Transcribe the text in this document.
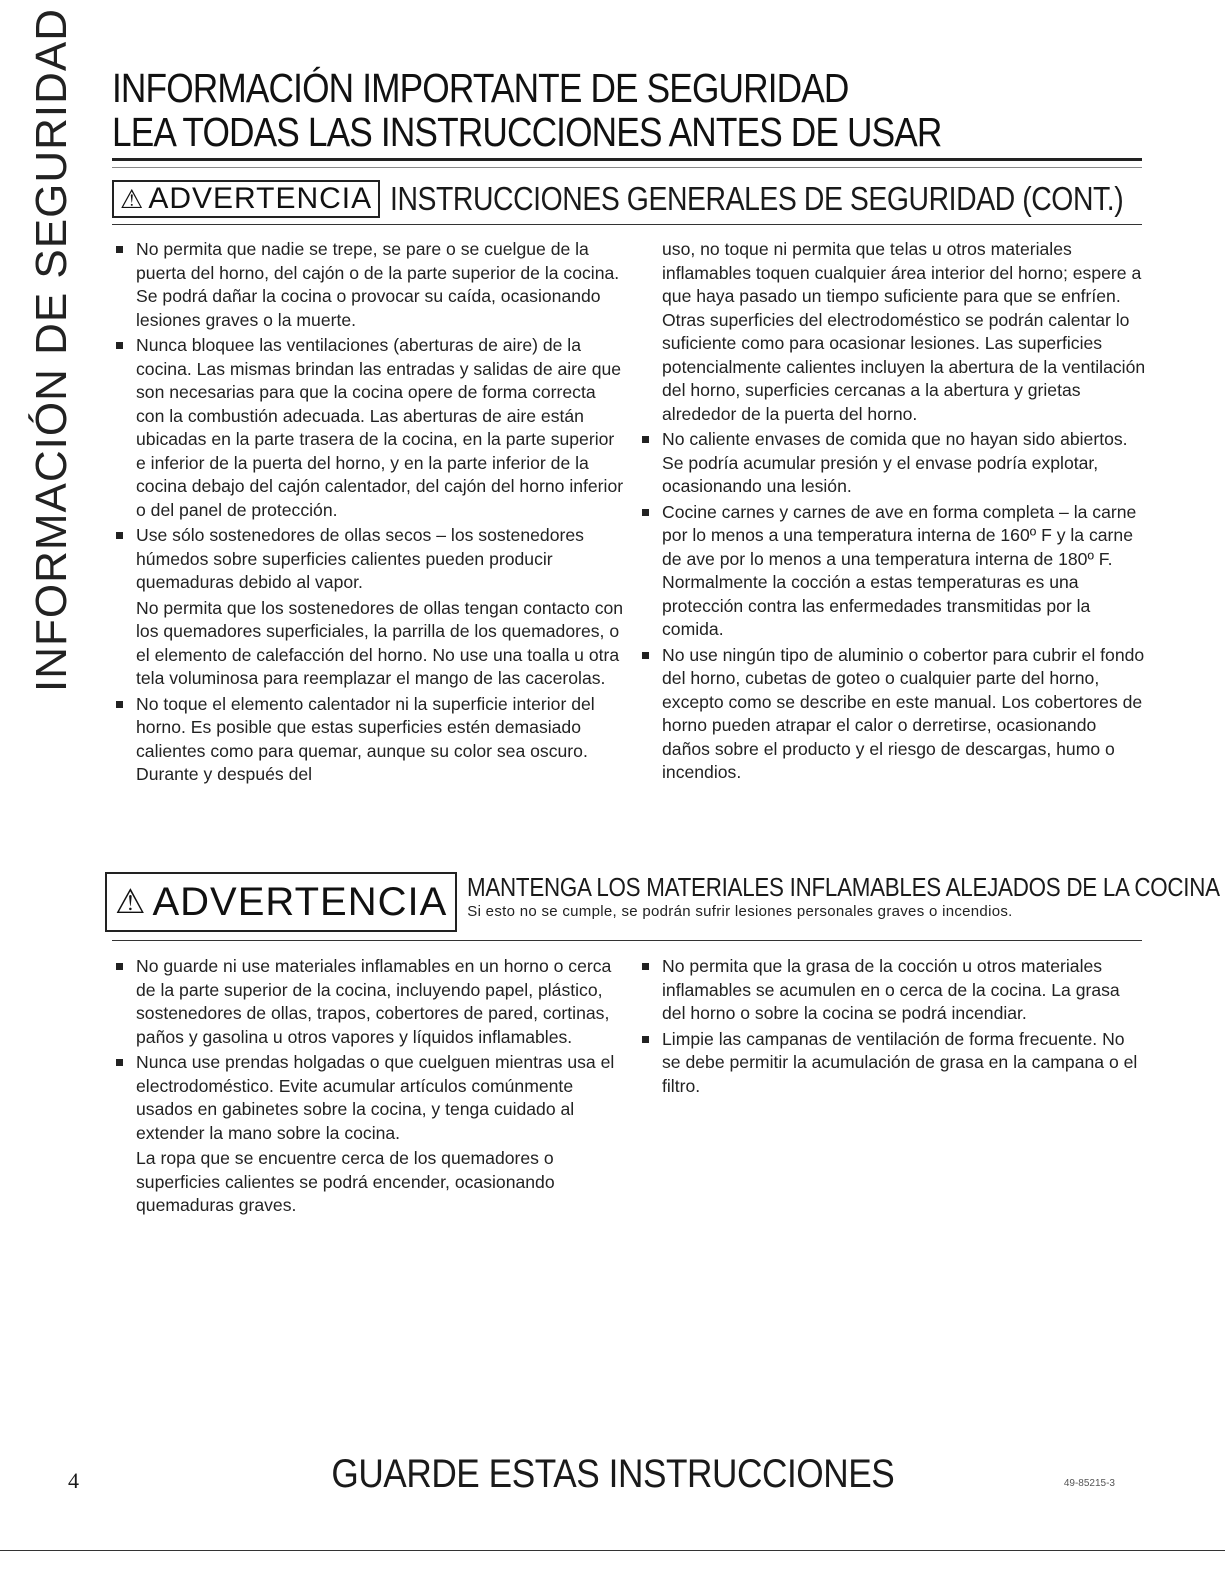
INFORMACIÓN DE SEGURIDAD INFORMACIÓN IMPORTANTE DE SEGURIDAD
LEA TODAS LAS INSTRUCCIONES ANTES DE USAR
⚠ ADVERTENCIA INSTRUCCIONES GENERALES DE SEGURIDAD (CONT.)
No permita que nadie se trepe, se pare o se cuelgue de la puerta del horno, del cajón o de la parte superior de la cocina. Se podrá dañar la cocina o provocar su caída, ocasionando lesiones graves o la muerte.
Nunca bloquee las ventilaciones (aberturas de aire) de la cocina. Las mismas brindan las entradas y salidas de aire que son necesarias para que la cocina opere de forma correcta con la combustión adecuada. Las aberturas de aire están ubicadas en la parte trasera de la cocina, en la parte superior e inferior de la puerta del horno, y en la parte inferior de la cocina debajo del cajón calentador, del cajón del horno inferior o del panel de protección.
Use sólo sostenedores de ollas secos – los sostenedores húmedos sobre superficies calientes pueden producir quemaduras debido al vapor.
No permita que los sostenedores de ollas tengan contacto con los quemadores superficiales, la parrilla de los quemadores, o el elemento de calefacción del horno. No use una toalla u otra tela voluminosa para reemplazar el mango de las cacerolas.
No toque el elemento calentador ni la superficie interior del horno. Es posible que estas superficies estén demasiado calientes como para quemar, aunque su color sea oscuro. Durante y después del
uso, no toque ni permita que telas u otros materiales inflamables toquen cualquier área interior del horno; espere a que haya pasado un tiempo suficiente para que se enfríen. Otras superficies del electrodoméstico se podrán calentar lo suficiente como para ocasionar lesiones. Las superficies potencialmente calientes incluyen la abertura de la ventilación del horno, superficies cercanas a la abertura y grietas alrededor de la puerta del horno.
No caliente envases de comida que no hayan sido abiertos. Se podría acumular presión y el envase podría explotar, ocasionando una lesión.
Cocine carnes y carnes de ave en forma completa – la carne por lo menos a una temperatura interna de 160º F y la carne de ave por lo menos a una temperatura interna de 180º F. Normalmente la cocción a estas temperaturas es una protección contra las enfermedades transmitidas por la comida.
No use ningún tipo de aluminio o cobertor para cubrir el fondo del horno, cubetas de goteo o cualquier parte del horno, excepto como se describe en este manual. Los cobertores de horno pueden atrapar el calor o derretirse, ocasionando daños sobre el producto y el riesgo de descargas, humo o incendios.
⚠ ADVERTENCIA MANTENGA LOS MATERIALES INFLAMABLES ALEJADOS DE LA COCINA
Si esto no se cumple, se podrán sufrir lesiones personales graves o incendios.
No guarde ni use materiales inflamables en un horno o cerca de la parte superior de la cocina, incluyendo papel, plástico, sostenedores de ollas, trapos, cobertores de pared, cortinas, paños y gasolina u otros vapores y líquidos inflamables.
Nunca use prendas holgadas o que cuelguen mientras usa el electrodoméstico. Evite acumular artículos comúnmente usados en gabinetes sobre la cocina, y tenga cuidado al extender la mano sobre la cocina.
La ropa que se encuentre cerca de los quemadores o superficies calientes se podrá encender, ocasionando quemaduras graves.
No permita que la grasa de la cocción u otros materiales inflamables se acumulen en o cerca de la cocina. La grasa del horno o sobre la cocina se podrá incendiar.
Limpie las campanas de ventilación de forma frecuente. No se debe permitir la acumulación de grasa en la campana o el filtro.
4	GUARDE ESTAS INSTRUCCIONES	49-85215-3
